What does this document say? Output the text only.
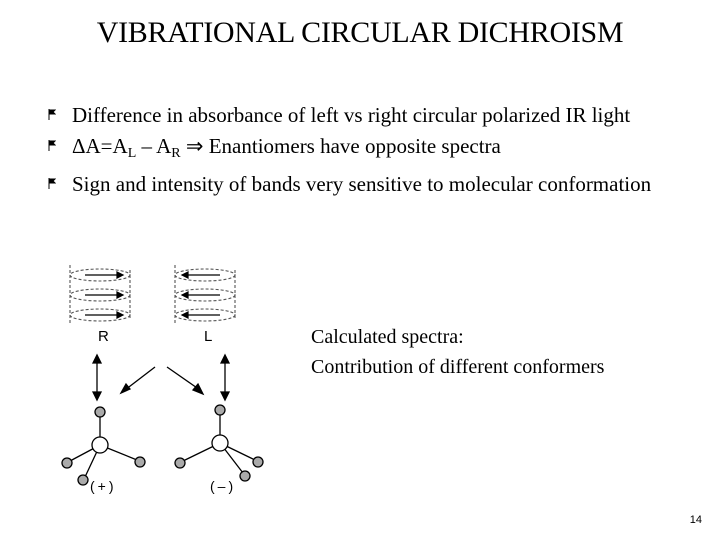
VIBRATIONAL CIRCULAR DICHROISM
Difference in absorbance of left vs right circular polarized IR light
$\Delta A=A_L - A_R$ ⇒ Enantiomers have opposite spectra
Sign and intensity of bands very sensitive to molecular conformation
R	L
(+)	(–)
Calculated spectra:
Contribution of different conformers
14
